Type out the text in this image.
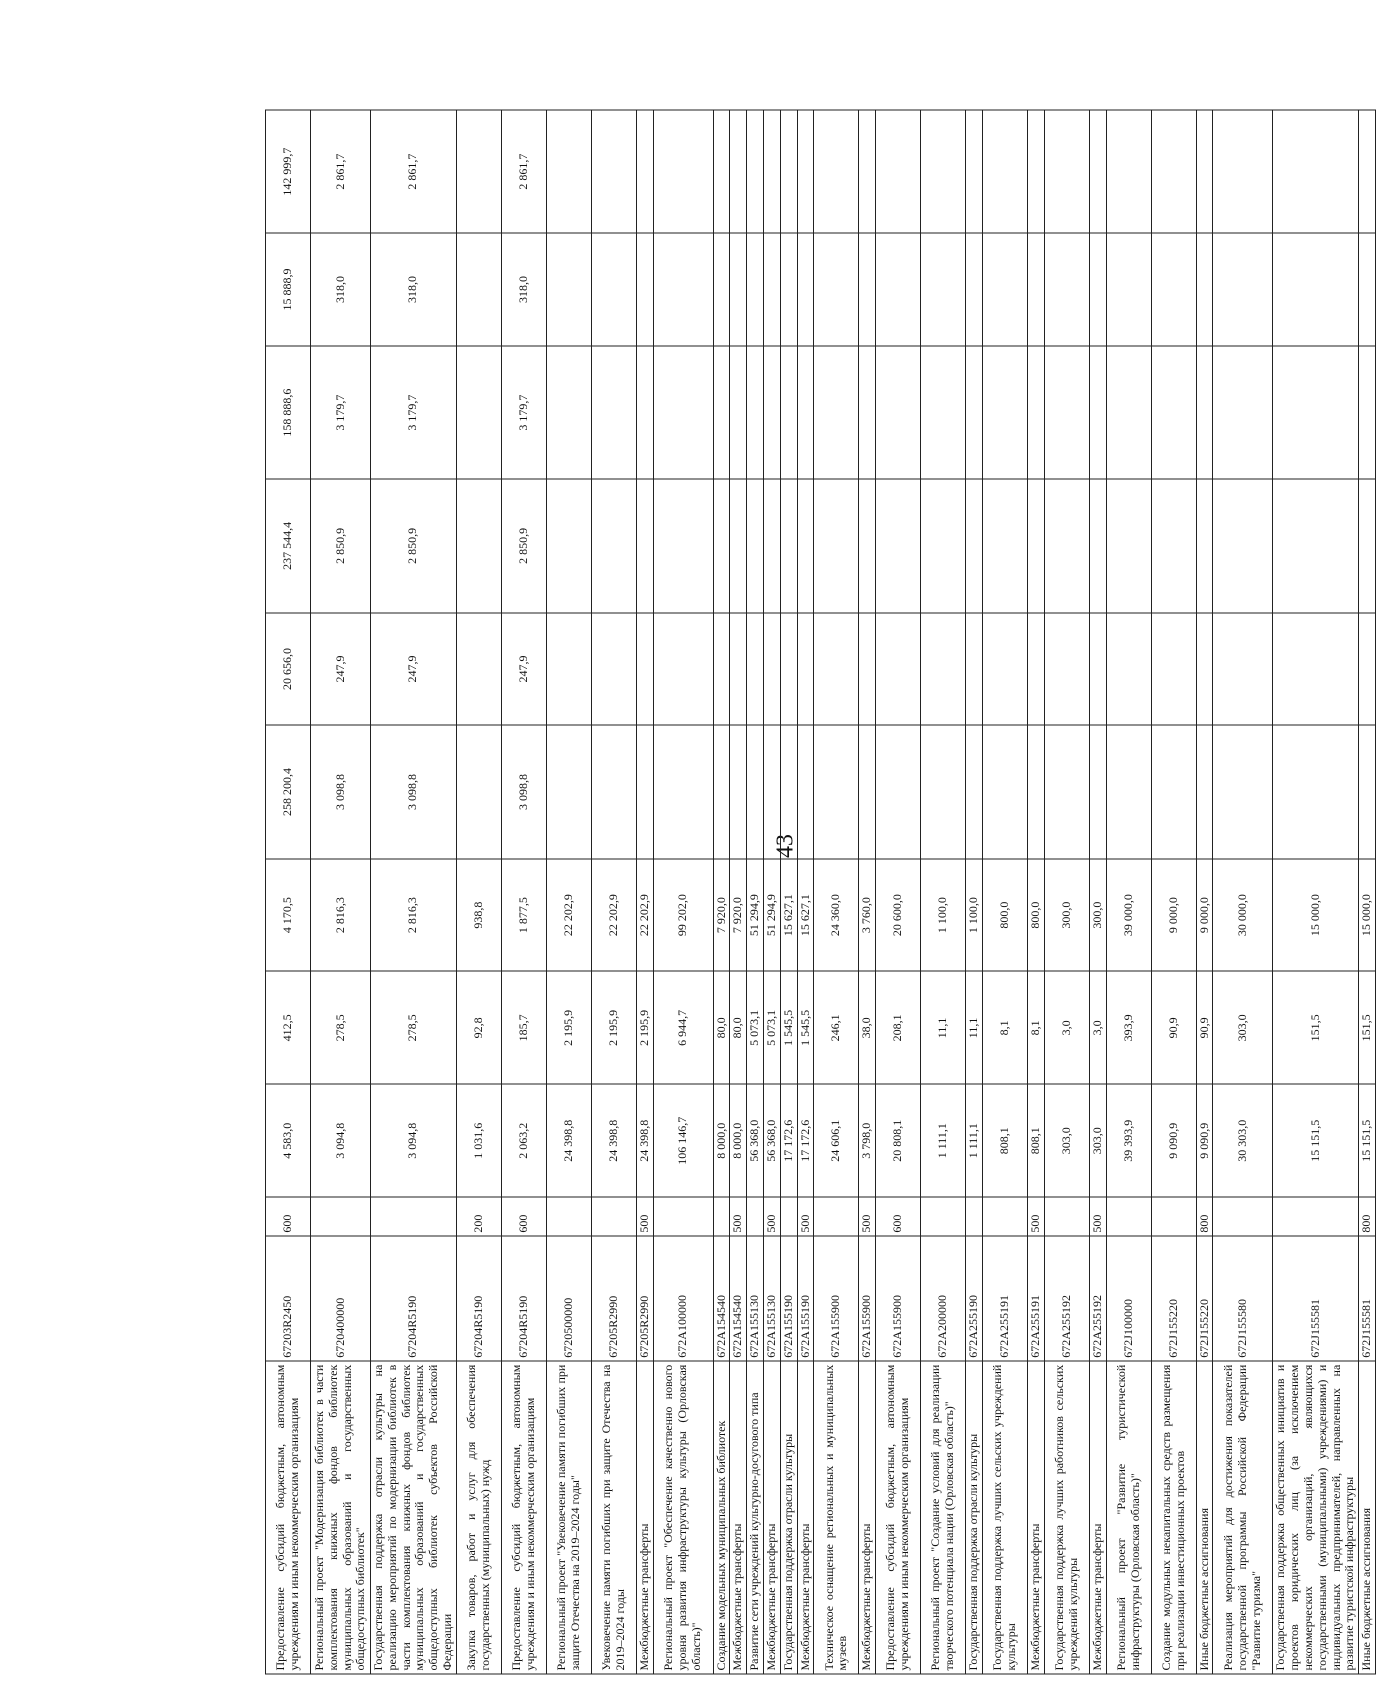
43
Предоставление субсидий бюджетным, автономным учреждениям и иным некоммерческим организациям	67203R2450	600	4 583,0	412,5	4 170,5	258 200,4	20 656,0	237 544,4	158 888,6	15 888,9	142 999,7
Региональный проект "Модернизация библиотек в части комплектования книжных фондов библиотек муниципальных образований и государственных общедоступных библиотек"	6720400000		3 094,8	278,5	2 816,3	3 098,8	247,9	2 850,9	3 179,7	318,0	2 861,7
Государственная поддержка отрасли культуры на реализацию мероприятий по модернизации библиотек в части комплектования книжных фондов библиотек муниципальных образований и государственных общедоступных библиотек субъектов Российской Федерации	67204R5190		3 094,8	278,5	2 816,3	3 098,8	247,9	2 850,9	3 179,7	318,0	2 861,7
Закупка товаров, работ и услуг для обеспечения государственных (муниципальных) нужд	67204R5190	200	1 031,6	92,8	938,8						
Предоставление субсидий бюджетным, автономным учреждениям и иным некоммерческим организациям	67204R5190	600	2 063,2	185,7	1 877,5	3 098,8	247,9	2 850,9	3 179,7	318,0	2 861,7
Региональный проект "Увековечение памяти погибших при защите Отечества на 2019–2024 годы"	6720500000		24 398,8	2 195,9	22 202,9						
Увековечение памяти погибших при защите Отечества на 2019–2024 годы	67205R2990		24 398,8	2 195,9	22 202,9						
Межбюджетные трансферты	67205R2990	500	24 398,8	2 195,9	22 202,9						
Региональный проект "Обеспечение качественно нового уровня развития инфраструктуры культуры (Орловская область)"	672A100000		106 146,7	6 944,7	99 202,0						
Создание модельных муниципальных библиотек	672A154540		8 000,0	80,0	7 920,0						
Межбюджетные трансферты	672A154540	500	8 000,0	80,0	7 920,0						
Развитие сети учреждений культурно-досугового типа	672A155130		56 368,0	5 073,1	51 294,9						
Межбюджетные трансферты	672A155130	500	56 368,0	5 073,1	51 294,9						
Государственная поддержка отрасли культуры	672A155190		17 172,6	1 545,5	15 627,1						
Межбюджетные трансферты	672A155190	500	17 172,6	1 545,5	15 627,1						
Техническое оснащение региональных и муниципальных музеев	672A155900		24 606,1	246,1	24 360,0						
Межбюджетные трансферты	672A155900	500	3 798,0	38,0	3 760,0						
Предоставление субсидий бюджетным, автономным учреждениям и иным некоммерческим организациям	672A155900	600	20 808,1	208,1	20 600,0						
Региональный проект "Создание условий для реализации творческого потенциала нации (Орловская область)"	672A200000		1 111,1	11,1	1 100,0						
Государственная поддержка отрасли культуры	672A255190		1 111,1	11,1	1 100,0						
Государственная поддержка лучших сельских учреждений культуры	672A255191		808,1	8,1	800,0						
Межбюджетные трансферты	672A255191	500	808,1	8,1	800,0						
Государственная поддержка лучших работников сельских учреждений культуры	672A255192		303,0	3,0	300,0						
Межбюджетные трансферты	672A255192	500	303,0	3,0	300,0						
Региональный проект "Развитие туристической инфраструктуры (Орловская область)"	672J100000		39 393,9	393,9	39 000,0						
Создание модульных некапитальных средств размещения при реализации инвестиционных проектов	672J155220		9 090,9	90,9	9 000,0						
Иные бюджетные ассигнования	672J155220	800	9 090,9	90,9	9 000,0						
Реализация мероприятий для достижения показателей государственной программы Российской Федерации "Развитие туризма"	672J155580		30 303,0	303,0	30 000,0						
Государственная поддержка общественных инициатив и проектов юридических лиц (за исключением некоммерческих организаций, являющихся государственными (муниципальными) учреждениями) и индивидуальных предпринимателей, направленных на развитие туристской инфраструктуры	672J155581		15 151,5	151,5	15 000,0						
Иные бюджетные ассигнования	672J155581	800	15 151,5	151,5	15 000,0						
